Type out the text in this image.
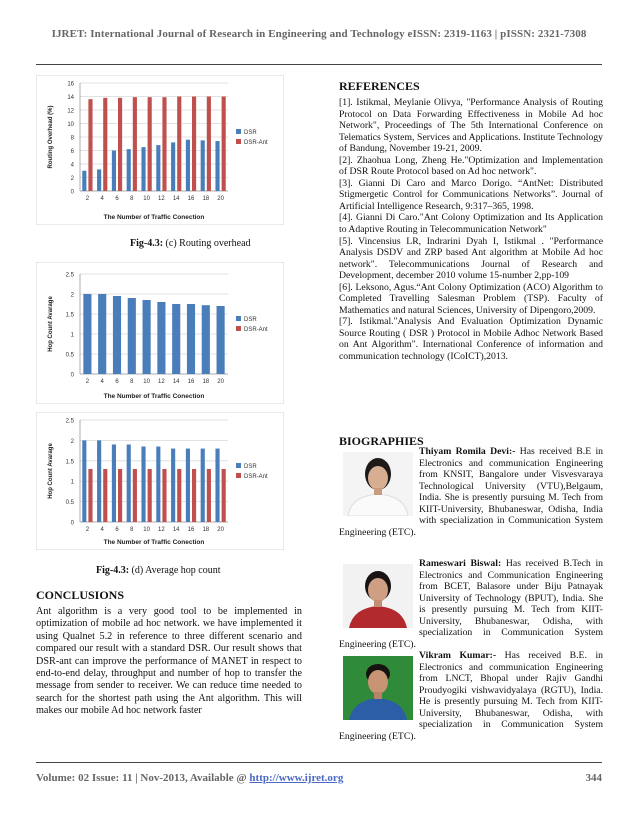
IJRET: International Journal of Research in Engineering and Technology eISSN: 2319-1163 | pISSN: 2321-7308
0
2
4
6
8
10
12
14
16
2 4 6 8 10 12 14 16 18 20
The Number of Traffic Conection
Routing Overhead (%)	DSR
DSR-Ant
Fig-4.3: (c) Routing overhead
0
0.5
1
1.5
2
2.5
2 4 6 8 10 12 14 16 18 20
The Number of Traffic Conection
Hop Count Avarage	DSR
DSR-Ant
0
0.5
1
1.5
2
2.5
2 4 6 8 10 12 14 16 18 20
The Number of Traffic Conection
Hop Count Avarage	DSR
DSR-Ant
Fig-4.3: (d) Average hop count
CONCLUSIONS
Ant algorithm is a very good tool to be implemented in optimization of mobile ad hoc network. we have implemented it using Qualnet 5.2 in reference to three different scenario and compared our result with a standard DSR. Our result shows that DSR-ant can improve the performance of MANET in respect to end-to-end delay, throughput and number of hop to transfer the message from sender to receiver. We can reduce time needed to search for the shortest path using the Ant algorithm. This will makes our mobile Ad hoc network faster
REFERENCES

[1]. Istikmal, Meylanie Olivya, "Performance Analysis of Routing Protocol on Data Forwarding Effectiveness in Mobile Ad hoc Network", Proceedings of The 5th International Conference on Telematics System, Services and Applications. Institute Technology of Bandung, November 19-21, 2009.

[2]. Zhaohua Long, Zheng He."Optimization and Implementation of DSR Route Protocol based on Ad hoc network".

[3]. Gianni Di Caro and Marco Dorigo. “AntNet: Distributed Stigmergetic Control for Communications Networks”. Journal of Artificial Intelligence Research, 9:317–365, 1998.

[4]. Gianni Di Caro."Ant Colony Optimization and Its Application to Adaptive Routing in Telecommunication Network"

[5]. Vincensius LR, Indrarini Dyah I, Istikmal . "Performance Analysis DSDV and ZRP based Ant algorithm at Mobile Ad hoc network". Telecommunications Journal of Research and Development, december 2010 volume 15-number 2,pp-109

[6]. Leksono, Agus.“Ant Colony Optimization (ACO) Algorithm to Completed Travelling Salesman Problem (TSP). Faculty of Mathematics and natural Sciences, University of Dipengoro,2009.

[7]. Istikmal."Analysis And Evaluation Optimization Dynamic Source Routing ( DSR ) Protocol in Mobile Adhoc Network Based on Ant Algorithm". International Conference of information and communication technology (ICoICT),2013.

BIOGRAPHIES
Thiyam Romila Devi:- Has received B.E in Electronics and communication Engineering from KNSIT, Bangalore under Visvesvaraya Technological University (VTU),Belgaum, India. She is presently pursuing M. Tech from KIIT-University, Bhubaneswar, Odisha, India with specialization in Communication System Engineering (ETC).
Rameswari Biswal: Has received B.Tech in Electronics and Communication Engineering from BCET, Balasore under Biju Patnayak University of Technology (BPUT), India. She is presently pursuing M. Tech from KIIT-University, Bhubaneswar, Odisha, with specialization in Communication System Engineering (ETC).
Vikram Kumar:- Has received B.E. in Electronics and communication Engineering from LNCT, Bhopal under Rajiv Gandhi Proudyogiki vishwavidyalaya (RGTU), India. He is presently pursuing M. Tech from KIIT-University, Bhubaneswar, Odisha, with specialization in Communication System Engineering (ETC).
Volume: 02 Issue: 11 | Nov-2013, Available @ http://www.ijret.org	344
